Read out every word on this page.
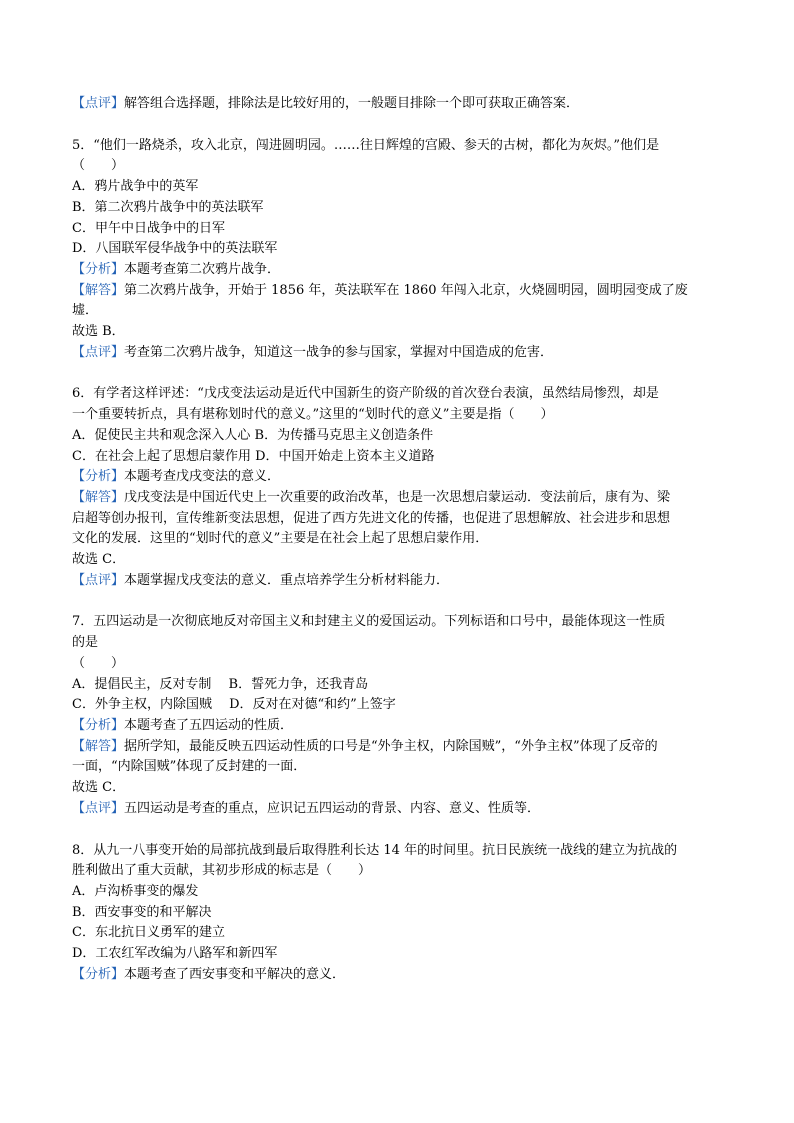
【点评】解答组合选择题，排除法是比较好用的，一般题目排除一个即可获取正确答案．
5．“他们一路烧杀，攻入北京，闯进圆明园。……往日辉煌的宫殿、参天的古树，都化为灰烬。”他们是
（　　）
A．鸦片战争中的英军
B．第二次鸦片战争中的英法联军
C．甲午中日战争中的日军
D．八国联军侵华战争中的英法联军
【分析】本题考查第二次鸦片战争．
【解答】第二次鸦片战争，开始于 1856 年，英法联军在 1860 年闯入北京，火烧圆明园，圆明园变成了废
墟．
故选 B．
【点评】考查第二次鸦片战争，知道这一战争的参与国家，掌握对中国造成的危害．
6．有学者这样评述：“戊戌变法运动是近代中国新生的资产阶级的首次登台表演，虽然结局惨烈，却是
一个重要转折点，具有堪称划时代的意义。”这里的“划时代的意义”主要是指（　　）
A．促使民主共和观念深入人心 B．为传播马克思主义创造条件
C．在社会上起了思想启蒙作用 D．中国开始走上资本主义道路
【分析】本题考查戊戌变法的意义．
【解答】戊戌变法是中国近代史上一次重要的政治改革，也是一次思想启蒙运动．变法前后，康有为、梁
启超等创办报刊，宣传维新变法思想，促进了西方先进文化的传播，也促进了思想解放、社会进步和思想
文化的发展．这里的“划时代的意义”主要是在社会上起了思想启蒙作用．
故选 C．
【点评】本题掌握戊戌变法的意义．重点培养学生分析材料能力．
7．五四运动是一次彻底地反对帝国主义和封建主义的爱国运动。下列标语和口号中，最能体现这一性质
的是
（　　）
A．提倡民主，反对专制　 B．誓死力争，还我青岛
C．外争主权，内除国贼　 D．反对在对德“和约”上签字
【分析】本题考查了五四运动的性质．
【解答】据所学知，最能反映五四运动性质的口号是“外争主权，内除国贼”，“外争主权”体现了反帝的
一面，“内除国贼”体现了反封建的一面．
故选 C．
【点评】五四运动是考查的重点，应识记五四运动的背景、内容、意义、性质等．
8．从九一八事变开始的局部抗战到最后取得胜利长达 14 年的时间里。抗日民族统一战线的建立为抗战的
胜利做出了重大贡献，其初步形成的标志是（　　）
A．卢沟桥事变的爆发
B．西安事变的和平解决
C．东北抗日义勇军的建立
D．工农红军改编为八路军和新四军
【分析】本题考查了西安事变和平解决的意义．
